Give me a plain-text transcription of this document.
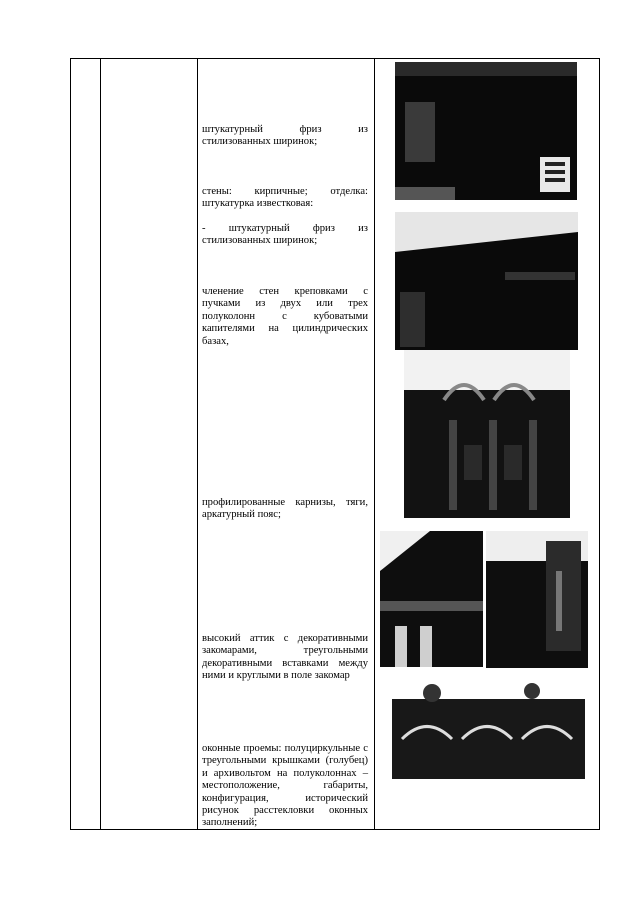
штукатурный фриз из стилизованных ширинок;
стены: кирпичные; отделка: штукатурка известковая:
- штукатурный фриз из стилизованных ширинок;
членение стен креповками с пучками из двух или трех полуколонн с кубоватыми капителями на цилиндрических базах,
профилированные карнизы, тяги, аркатурный пояс;
высокий аттик с декоративными закомарами, треугольными декоративными вставками между ними и круглыми в поле закомар
оконные проемы: полуциркульные с треугольными крышками (голубец) и архивольтом на полуколоннах – местоположение, габариты, конфигурация, исторический рисунок расстекловки оконных заполнений;
